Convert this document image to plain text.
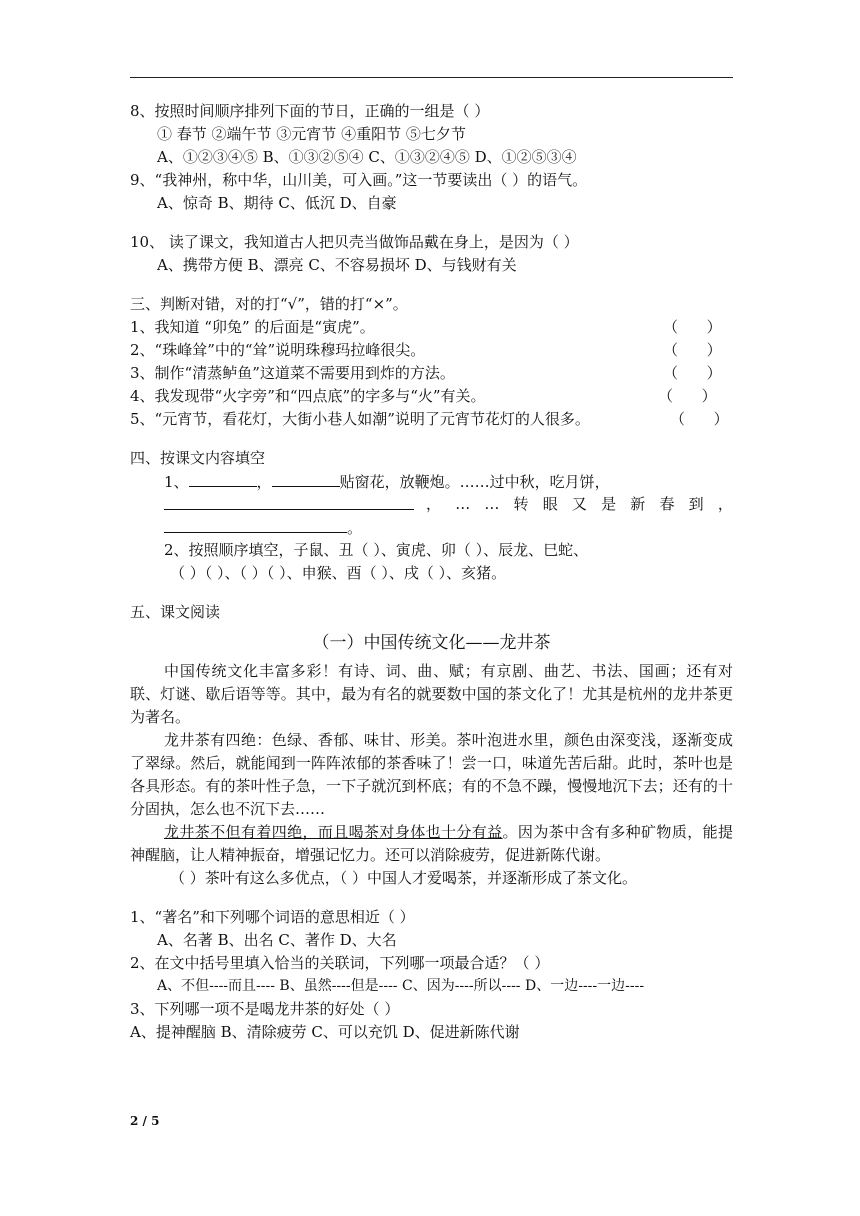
8、按照时间顺序排列下面的节日，正确的一组是（ ）
① 春节 ②端午节 ③元宵节 ④重阳节 ⑤七夕节
A、①②③④⑤ B、①③②⑤④ C、①③②④⑤ D、①②⑤③④
9、“我神州，称中华，山川美，可入画。”这一节要读出（ ）的语气。
A、惊奇 B、期待 C、低沉 D、自豪
10、 读了课文，我知道古人把贝壳当做饰品戴在身上，是因为（ ）
A、携带方便 B、漂亮 C、不容易损坏 D、与钱财有关
三、判断对错，对的打“√”，错的打“×”。
1、我知道 “卯兔” 的后面是“寅虎”。	（      ）
2、“珠峰耸”中的“耸”说明珠穆玛拉峰很尖。	（      ）
3、制作“清蒸鲈鱼”这道菜不需要用到炸的方法。	（      ）
4、我发现带“火字旁”和“四点底”的字多与“火”有关。	（      ）
5、“元宵节，看花灯，大街小巷人如潮”说明了元宵节花灯的人很多。	（      ）
四、按课文内容填空
1、	，	贴窗花，放鞭炮。……过中秋，吃月饼，
， … … 转 眼 又 是 新 春 到 ，
。
2、按照顺序填空，子鼠、丑（ ）、寅虎、卯（ ）、辰龙、巳蛇、
（ ）（ ）、（ ）（ ）、申猴、酉（ ）、戌（ ）、亥猪。
五、课文阅读
（一）中国传统文化——龙井茶
中国传统文化丰富多彩！有诗、词、曲、赋；有京剧、曲艺、书法、国画；还有对联、灯谜、歇后语等等。其中，最为有名的就要数中国的茶文化了！尤其是杭州的龙井茶更为著名。
龙井茶有四绝：色绿、香郁、味甘、形美。茶叶泡进水里，颜色由深变浅，逐渐变成了翠绿。然后，就能闻到一阵阵浓郁的茶香味了！尝一口，味道先苦后甜。此时，茶叶也是各具形态。有的茶叶性子急，一下子就沉到杯底；有的不急不躁，慢慢地沉下去；还有的十分固执，怎么也不沉下去……
龙井茶不但有着四绝，而且喝茶对身体也十分有益。因为茶中含有多种矿物质，能提神醒脑，让人精神振奋，增强记忆力。还可以消除疲劳，促进新陈代谢。
（ ）茶叶有这么多优点，（ ）中国人才爱喝茶，并逐渐形成了茶文化。
1、“著名”和下列哪个词语的意思相近（ ）
A、名著 B、出名 C、著作 D、大名
2、在文中括号里填入恰当的关联词，下列哪一项最合适？（ ）
A、不但----而且---- B、虽然----但是---- C、因为----所以---- D、一边----一边----
3、下列哪一项不是喝龙井茶的好处（ ）
A、提神醒脑 B、清除疲劳 C、可以充饥 D、促进新陈代谢
2 / 5
